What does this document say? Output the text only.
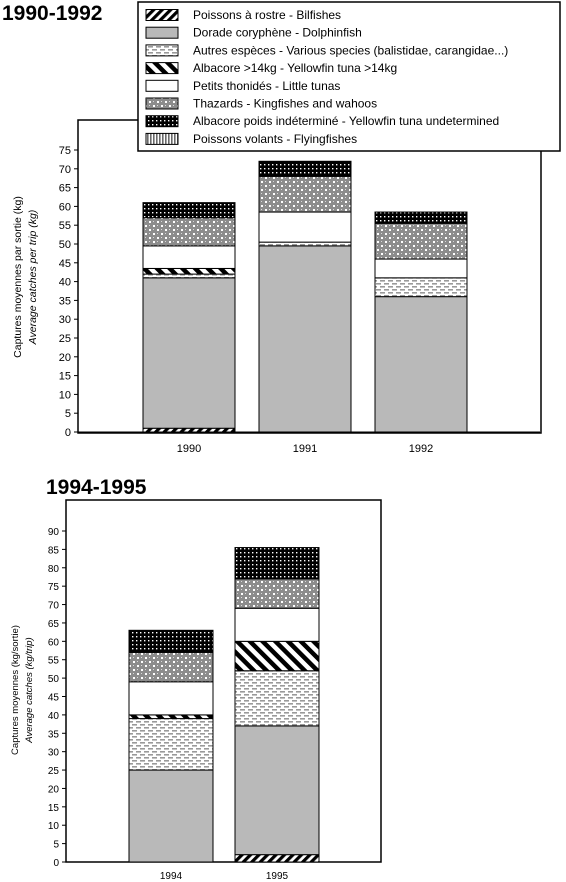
1990-1992
0
5
10
15
20
25
30
35
40
45
50
55
60
65
70
75
1990	1991	1992
Captures moyennes par sortie (kg) Average catches per trip (kg)
Poissons à rostre - Bilfishes
Dorade coryphène - Dolphinfish
Autres espèces - Various species (balistidae, carangidae...)
Albacore >14kg - Yellowfin tuna >14kg
Petits thonidés - Little tunas
Thazards - Kingfishes and wahoos
Albacore poids indéterminé - Yellowfin tuna undetermined
Poissons volants - Flyingfishes
1994-1995
0
5
10
15
20
25
30
35
40
45
50
55
60
65
70
75
80
85
90
1994	1995
Captures moyennes (kg/sortie) Average catches (kg/trip)
